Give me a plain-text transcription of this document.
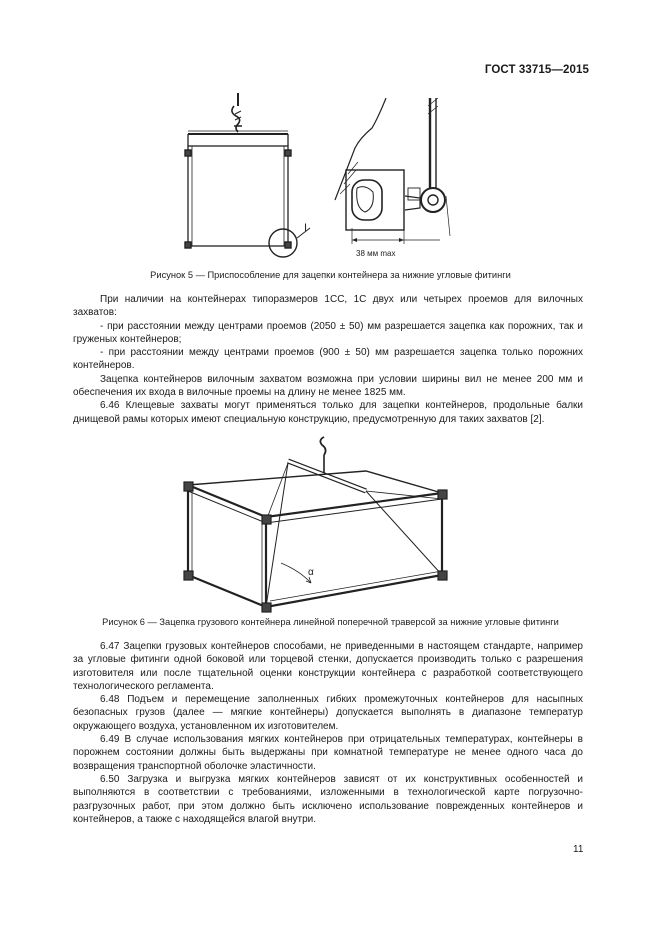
ГОСТ 33715—2015
I
38 мм max
Рисунок 5 — Приспособление для зацепки контейнера за нижние угловые фитинги

При наличии на контейнерах типоразмеров 1СС, 1С двух или четырех проемов для вилочных захватов:

- при расстоянии между центрами проемов (2050 ± 50) мм разрешается зацепка как порожних, так и груженых контейнеров;

- при расстоянии между центрами проемов (900 ± 50) мм разрешается зацепка только порожних контейнеров.

Зацепка контейнеров вилочным захватом возможна при условии ширины вил не менее 200 мм и обеспечения их входа в вилочные проемы на длину не менее 1825 мм.

6.46 Клещевые захваты могут применяться только для зацепки контейнеров, продольные балки днищевой рамы которых имеют специальную конструкцию, предусмотренную для таких захватов [2].

α
Рисунок 6 — Зацепка грузового контейнера линейной поперечной траверсой за нижние угловые фитинги

6.47 Зацепки грузовых контейнеров способами, не приведенными в настоящем стандарте, например за угловые фитинги одной боковой или торцевой стенки, допускается производить только с разрешения изготовителя или после тщательной оценки конструкции контейнера с разработкой соответствующего технологического регламента.

6.48 Подъем и перемещение заполненных гибких промежуточных контейнеров для насыпных безопасных грузов (далее — мягкие контейнеры) допускается выполнять в диапазоне температур окружающего воздуха, установленном их изготовителем.

6.49 В случае использования мягких контейнеров при отрицательных температурах, контейнеры в порожнем состоянии должны быть выдержаны при комнатной температуре не менее одного часа до возвращения транспортной оболочке эластичности.

6.50 Загрузка и выгрузка мягких контейнеров зависят от их конструктивных особенностей и выполняются в соответствии с требованиями, изложенными в технологической карте погрузочно-разгрузочных работ, при этом должно быть исключено использование поврежденных контейнеров и контейнеров, а также с находящейся влагой внутри.

11
